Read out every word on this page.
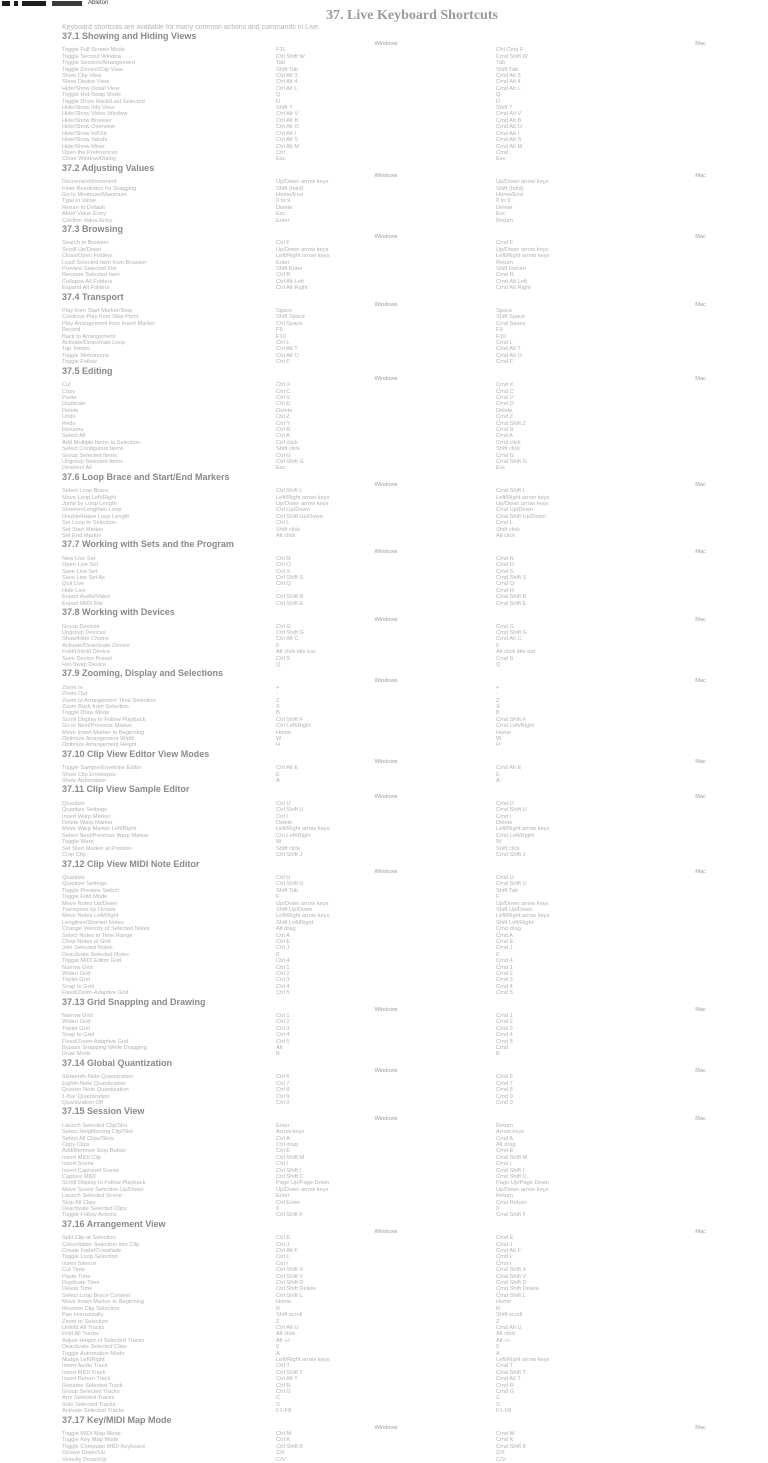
Ableton
37. Live Keyboard Shortcuts
Keyboard shortcuts are available for many common actions and commands in Live.
37.1 Showing and Hiding Views
Windows	Mac
Toggle Full Screen Mode	F11	Ctrl Cmd F
Toggle Second Window	Ctrl Shift W	Cmd Shift W
Toggle Session/Arrangement	Tab	Tab
Toggle Device/Clip View	Shift Tab	Shift Tab
Show Clip View	Ctrl Alt 3	Cmd Alt 3
Show Device View	Ctrl Alt 4	Cmd Alt 4
Hide/Show Detail View	Ctrl Alt L	Cmd Alt L
Toggle Hot-Swap Mode	Q	Q
Toggle Drum Rack/Last Selected	D	D
Hide/Show Info View	Shift ?	Shift ?
Hide/Show Video Window	Ctrl Alt V	Cmd Alt V
Hide/Show Browser	Ctrl Alt B	Cmd Alt B
Hide/Show Overview	Ctrl Alt O	Cmd Alt O
Hide/Show In/Out	Ctrl Alt I	Cmd Alt I
Hide/Show Sends	Ctrl Alt S	Cmd Alt S
Hide/Show Mixer	Ctrl Alt M	Cmd Alt M
Open the Preferences	Ctrl ,	Cmd ,
Close Window/Dialog	Esc	Esc
37.2 Adjusting Values
Windows	Mac
Decrement/Increment	Up/Down arrow keys	Up/Down arrow keys
Finer Resolution for Dragging	Shift (hold)	Shift (hold)
Go to Minimum/Maximum	Home/End	Home/End
Type in Value	0 to 9	0 to 9
Return to Default	Delete	Delete
Abort Value Entry	Esc	Esc
Confirm Value Entry	Enter	Return
37.3 Browsing
Windows	Mac
Search in Browser	Ctrl F	Cmd F
Scroll Up/Down	Up/Down arrow keys	Up/Down arrow keys
Close/Open Folders	Left/Right arrow keys	Left/Right arrow keys
Load Selected Item from Browser	Enter	Return
Preview Selected File	Shift Enter	Shift Return
Rename Selected Item	Ctrl R	Cmd R
Collapse All Folders	Ctrl Alt Left	Cmd Alt Left
Expand All Folders	Ctrl Alt Right	Cmd Alt Right
37.4 Transport
Windows	Mac
Play from Start Marker/Stop	Space	Space
Continue Play from Stop Point	Shift Space	Shift Space
Play Arrangement from Insert Marker	Ctrl Space	Cmd Space
Record	F9	F9
Back to Arrangement	F10	F10
Activate/Deactivate Loop	Ctrl L	Cmd L
Tap Tempo	Ctrl Alt T	Cmd Alt T
Toggle Metronome	Ctrl Alt O	Cmd Alt O
Toggle Follow	Ctrl F	Cmd F
37.5 Editing
Windows	Mac
Cut	Ctrl X	Cmd X
Copy	Ctrl C	Cmd C
Paste	Ctrl V	Cmd V
Duplicate	Ctrl D	Cmd D
Delete	Delete	Delete
Undo	Ctrl Z	Cmd Z
Redo	Ctrl Y	Cmd Shift Z
Rename	Ctrl R	Cmd R
Select All	Ctrl A	Cmd A
Add Multiple Items to Selection	Ctrl click	Cmd click
Select Contiguous Items	Shift click	Shift click
Group Selected Items	Ctrl G	Cmd G
Ungroup Selected Items	Ctrl Shift G	Cmd Shift G
Deselect All	Esc	Esc
37.6 Loop Brace and Start/End Markers
Windows	Mac
Select Loop Brace	Ctrl Shift L	Cmd Shift L
Move Loop Left/Right	Left/Right arrow keys	Left/Right arrow keys
Jump by Loop Length	Up/Down arrow keys	Up/Down arrow keys
Shorten/Lengthen Loop	Ctrl Up/Down	Cmd Up/Down
Double/Halve Loop Length	Ctrl Shift Up/Down	Cmd Shift Up/Down
Set Loop to Selection	Ctrl L	Cmd L
Set Start Marker	Shift click	Shift click
Set End Marker	Alt click	Alt click
37.7 Working with Sets and the Program
Windows	Mac
New Live Set	Ctrl N	Cmd N
Open Live Set	Ctrl O	Cmd O
Save Live Set	Ctrl S	Cmd S
Save Live Set As	Ctrl Shift S	Cmd Shift S
Quit Live	Ctrl Q	Cmd Q
Hide Live	-	Cmd H
Export Audio/Video	Ctrl Shift R	Cmd Shift R
Export MIDI File	Ctrl Shift E	Cmd Shift E
37.8 Working with Devices
Windows	Mac
Group Devices	Ctrl G	Cmd G
Ungroup Devices	Ctrl Shift G	Cmd Shift G
Show/Hide Chains	Ctrl Alt C	Cmd Alt C
Activate/Deactivate Device	0	0
Fold/Unfold Device	Alt click title bar	Alt click title bar
Save Device Preset	Ctrl S	Cmd S
Hot-Swap Device	Q	Q
37.9 Zooming, Display and Selections
Windows	Mac
Zoom In	+	+
Zoom Out	-	-
Zoom to Arrangement Time Selection	Z	Z
Zoom Back from Selection	X	X
Toggle Draw Mode	B	B
Scroll Display to Follow Playback	Ctrl Shift F	Cmd Shift F
Go to Next/Previous Marker	Ctrl Left/Right	Cmd Left/Right
Move Insert Marker to Beginning	Home	Home
Optimize Arrangement Width	W	W
Optimize Arrangement Height	H	H
37.10 Clip View Editor View Modes
Windows	Mac
Toggle Sample/Envelope Editor	Ctrl Alt E	Cmd Alt E
Show Clip Envelopes	E	E
Show Automation	A	A
37.11 Clip View Sample Editor
Windows	Mac
Quantize	Ctrl U	Cmd U
Quantize Settings	Ctrl Shift U	Cmd Shift U
Insert Warp Marker	Ctrl I	Cmd I
Delete Warp Marker	Delete	Delete
Move Warp Marker Left/Right	Left/Right arrow keys	Left/Right arrow keys
Select Next/Previous Warp Marker	Ctrl Left/Right	Cmd Left/Right
Toggle Warp	W	W
Set Start Marker at Position	Shift click	Shift click
Crop Clip	Ctrl Shift J	Cmd Shift J
37.12 Clip View MIDI Note Editor
Windows	Mac
Quantize	Ctrl U	Cmd U
Quantize Settings	Ctrl Shift U	Cmd Shift U
Toggle Preview Switch	Shift Tab	Shift Tab
Toggle Fold Mode	F	F
Move Notes Up/Down	Up/Down arrow keys	Up/Down arrow keys
Transpose by Octave	Shift Up/Down	Shift Up/Down
Move Notes Left/Right	Left/Right arrow keys	Left/Right arrow keys
Lengthen/Shorten Notes	Shift Left/Right	Shift Left/Right
Change Velocity of Selected Notes	Alt drag	Cmd drag
Select Notes in Time Range	Ctrl A	Cmd A
Chop Notes at Grid	Ctrl E	Cmd E
Join Selected Notes	Ctrl J	Cmd J
Deactivate Selected Notes	0	0
Toggle MIDI Editor Grid	Ctrl 4	Cmd 4
Narrow Grid	Ctrl 1	Cmd 1
Widen Grid	Ctrl 2	Cmd 2
Triplet Grid	Ctrl 3	Cmd 3
Snap to Grid	Ctrl 4	Cmd 4
Fixed/Zoom-Adaptive Grid	Ctrl 5	Cmd 5
37.13 Grid Snapping and Drawing
Windows	Mac
Narrow Grid	Ctrl 1	Cmd 1
Widen Grid	Ctrl 2	Cmd 2
Triplet Grid	Ctrl 3	Cmd 3
Snap to Grid	Ctrl 4	Cmd 4
Fixed/Zoom-Adaptive Grid	Ctrl 5	Cmd 5
Bypass Snapping While Dragging	Alt	Cmd
Draw Mode	B	B
37.14 Global Quantization
Windows	Mac
Sixteenth-Note Quantization	Ctrl 6	Cmd 6
Eighth-Note Quantization	Ctrl 7	Cmd 7
Quarter-Note Quantization	Ctrl 8	Cmd 8
1-Bar Quantization	Ctrl 9	Cmd 9
Quantization Off	Ctrl 0	Cmd 0
37.15 Session View
Windows	Mac
Launch Selected Clip/Slot	Enter	Return
Select Neighboring Clip/Slot	Arrow keys	Arrow keys
Select All Clips/Slots	Ctrl A	Cmd A
Copy Clips	Ctrl drag	Alt drag
Add/Remove Stop Button	Ctrl E	Cmd E
Insert MIDI Clip	Ctrl Shift M	Cmd Shift M
Insert Scene	Ctrl I	Cmd I
Insert Captured Scene	Ctrl Shift I	Cmd Shift I
Capture MIDI	Ctrl Shift C	Cmd Shift C
Scroll Display to Follow Playback	Page Up/Page Down	Page Up/Page Down
Move Scene Selection Up/Down	Up/Down arrow keys	Up/Down arrow keys
Launch Selected Scene	Enter	Return
Stop All Clips	Ctrl Enter	Cmd Return
Deactivate Selected Clips	0	0
Toggle Follow Actions	Ctrl Shift F	Cmd Shift F
37.16 Arrangement View
Windows	Mac
Split Clip at Selection	Ctrl E	Cmd E
Consolidate Selection into Clip	Ctrl J	Cmd J
Create Fade/Crossfade	Ctrl Alt F	Cmd Alt F
Toggle Loop Selection	Ctrl L	Cmd L
Insert Silence	Ctrl I	Cmd I
Cut Time	Ctrl Shift X	Cmd Shift X
Paste Time	Ctrl Shift V	Cmd Shift V
Duplicate Time	Ctrl Shift D	Cmd Shift D
Delete Time	Ctrl Shift Delete	Cmd Shift Delete
Select Loop Brace Content	Ctrl Shift L	Cmd Shift L
Move Insert Marker to Beginning	Home	Home
Reverse Clip Selection	R	R
Pan Horizontally	Shift scroll	Shift scroll
Zoom to Selection	Z	Z
Unfold All Tracks	Ctrl Alt U	Cmd Alt U
Fold All Tracks	Alt click	Alt click
Adjust Height of Selected Tracks	Alt +/-	Alt +/-
Deactivate Selected Clips	0	0
Toggle Automation Mode	A	A
Nudge Left/Right	Left/Right arrow keys	Left/Right arrow keys
Insert Audio Track	Ctrl T	Cmd T
Insert MIDI Track	Ctrl Shift T	Cmd Shift T
Insert Return Track	Ctrl Alt T	Cmd Alt T
Rename Selected Track	Ctrl R	Cmd R
Group Selected Tracks	Ctrl G	Cmd G
Arm Selected Tracks	C	C
Solo Selected Tracks	S	S
Activate Selected Tracks	F1-F8	F1-F8
37.17 Key/MIDI Map Mode
Windows	Mac
Toggle MIDI Map Mode	Ctrl M	Cmd M
Toggle Key Map Mode	Ctrl K	Cmd K
Toggle Computer MIDI Keyboard	Ctrl Shift K	Cmd Shift K
Octave Down/Up	Z/X	Z/X
Velocity Down/Up	C/V	C/V
